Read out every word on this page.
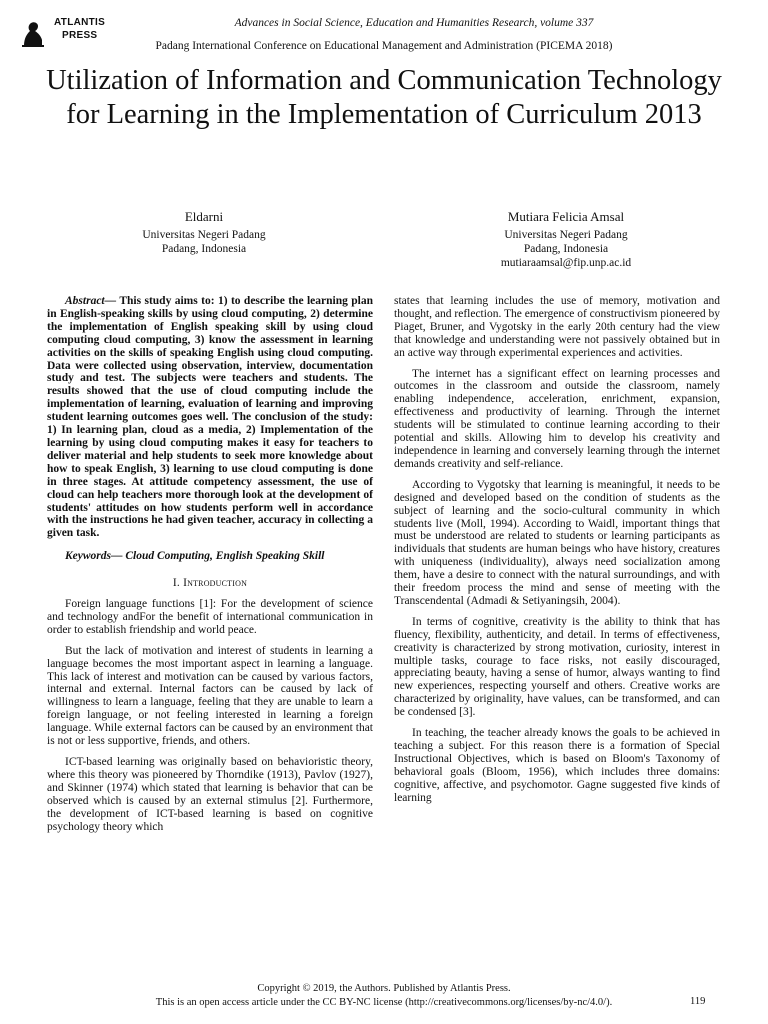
ATLANTIS
PRESS
Advances in Social Science, Education and Humanities Research, volume 337
Padang International Conference on Educational Management and Administration (PICEMA 2018)
Utilization of Information and Communication Technology for Learning in the Implementation of Curriculum 2013
Eldarni
Universitas Negeri Padang
Padang, Indonesia
Mutiara Felicia Amsal
Universitas Negeri Padang
Padang, Indonesia
mutiaraamsal@fip.unp.ac.id

Abstract— This study aims to: 1) to describe the learning plan in English-speaking skills by using cloud computing, 2) determine the implementation of English speaking skill by using cloud computing cloud computing, 3) know the assessment in learning activities on the skills of speaking English using cloud computing. Data were collected using observation, interview, documentation study and test. The subjects were teachers and students. The results showed that the use of cloud computing include the implementation of learning, evaluation of learning and improving student learning outcomes goes well. The conclusion of the study: 1) In learning plan, cloud as a media, 2) Implementation of the learning by using cloud computing makes it easy for teachers to deliver material and help students to seek more knowledge about how to speak English, 3) learning to use cloud computing is done in three stages. At attitude competency assessment, the use of cloud can help teachers more thorough look at the development of students' attitudes on how students perform well in accordance with the instructions he had given teacher, accuracy in collecting a given task.

Keywords— Cloud Computing, English Speaking Skill

I. Introduction

Foreign language functions [1]: For the development of science and technology andFor the benefit of international communication in order to establish friendship and world peace.

But the lack of motivation and interest of students in learning a language becomes the most important aspect in learning a language. This lack of interest and motivation can be caused by various factors, internal and external. Internal factors can be caused by lack of willingness to learn a language, feeling that they are unable to learn a foreign language, or not feeling interested in learning a foreign language. While external factors can be caused by an environment that is not or less supportive, friends, and others.

ICT-based learning was originally based on behavioristic theory, where this theory was pioneered by Thorndike (1913), Pavlov (1927), and Skinner (1974) which stated that learning is behavior that can be observed which is caused by an external stimulus [2]. Furthermore, the development of ICT-based learning is based on cognitive psychology theory which

states that learning includes the use of memory, motivation and thought, and reflection. The emergence of constructivism pioneered by Piaget, Bruner, and Vygotsky in the early 20th century had the view that knowledge and understanding were not passively obtained but in an active way through experimental experiences and activities.

The internet has a significant effect on learning processes and outcomes in the classroom and outside the classroom, namely enabling independence, acceleration, enrichment, expansion, effectiveness and productivity of learning. Through the internet students will be stimulated to continue learning according to their potential and skills. Allowing him to develop his creativity and independence in learning and conversely learning through the internet demands creativity and self-reliance.

According to Vygotsky that learning is meaningful, it needs to be designed and developed based on the condition of students as the subject of learning and the socio-cultural community in which students live (Moll, 1994). According to Waidl, important things that must be understood are related to students or learning participants as individuals that students are human beings who have history, creatures with uniqueness (individuality), always need socialization among them, have a desire to connect with the natural surroundings, and with their freedom process the mind and sense of meeting with the Transcendental (Admadi & Setiyaningsih, 2004).

In terms of cognitive, creativity is the ability to think that has fluency, flexibility, authenticity, and detail. In terms of effectiveness, creativity is characterized by strong motivation, curiosity, interest in multiple tasks, courage to face risks, not easily discouraged, appreciating beauty, having a sense of humor, always wanting to find new experiences, respecting yourself and others. Creative works are characterized by originality, have values, can be transformed, and can be condensed [3].

In teaching, the teacher already knows the goals to be achieved in teaching a subject. For this reason there is a formation of Special Instructional Objectives, which is based on Bloom's Taxonomy of behavioral goals (Bloom, 1956), which includes three domains: cognitive, affective, and psychomotor. Gagne suggested five kinds of learning

Copyright © 2019, the Authors. Published by Atlantis Press.
This is an open access article under the CC BY-NC license (http://creativecommons.org/licenses/by-nc/4.0/).	119
